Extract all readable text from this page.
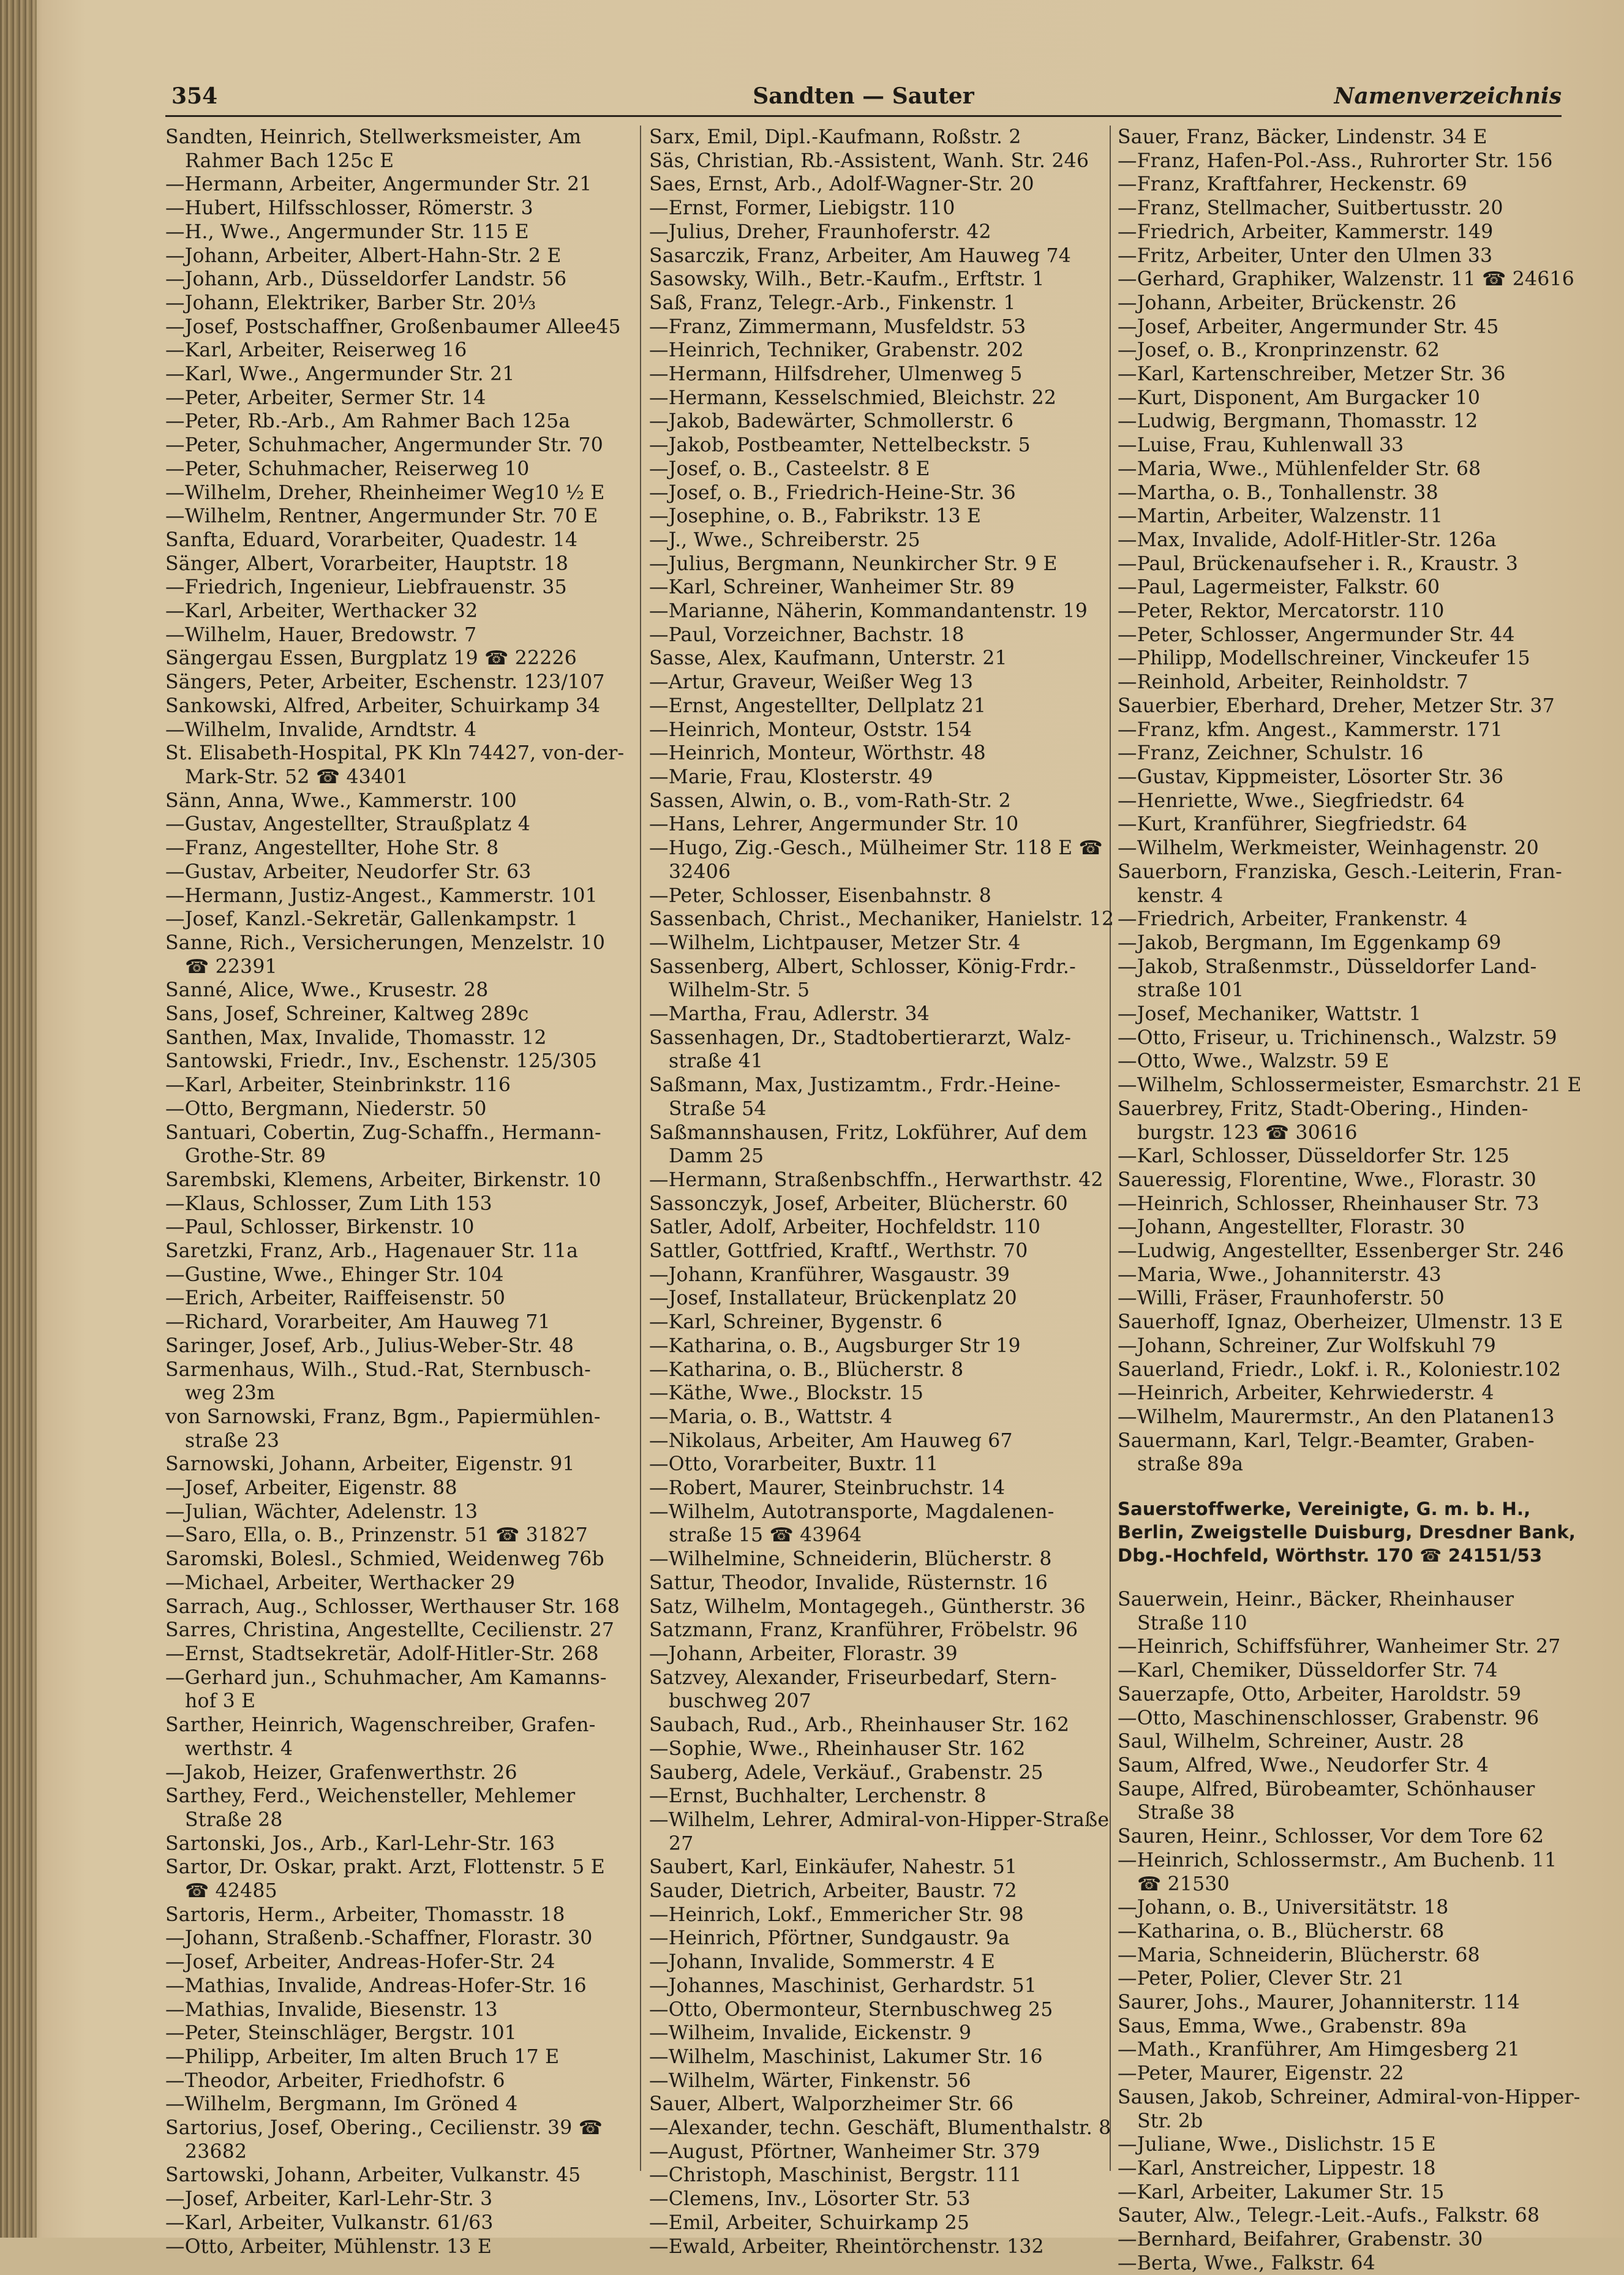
354	Sandten — Sauter	Namenverzeichnis
Sandten, Heinrich, Stellwerksmeister, Am Rahmer Bach 125c E
—Hermann, Arbeiter, Angermunder Str. 21
—Hubert, Hilfsschlosser, Römerstr. 3
—H., Wwe., Angermunder Str. 115 E
—Johann, Arbeiter, Albert-Hahn-Str. 2 E
—Johann, Arb., Düsseldorfer Landstr. 56
—Johann, Elektriker, Barber Str. 20⅓
—Josef, Postschaffner, Großenbaumer Allee45
—Karl, Arbeiter, Reiserweg 16
—Karl, Wwe., Angermunder Str. 21
—Peter, Arbeiter, Sermer Str. 14
—Peter, Rb.-Arb., Am Rahmer Bach 125a
—Peter, Schuhmacher, Angermunder Str. 70
—Peter, Schuhmacher, Reiserweg 10
—Wilhelm, Dreher, Rheinheimer Weg10 ½ E
—Wilhelm, Rentner, Angermunder Str. 70 E
Sanfta, Eduard, Vorarbeiter, Quadestr. 14
Sänger, Albert, Vorarbeiter, Hauptstr. 18
—Friedrich, Ingenieur, Liebfrauenstr. 35
—Karl, Arbeiter, Werthacker 32
—Wilhelm, Hauer, Bredowstr. 7
Sängergau Essen, Burgplatz 19 ☎ 22226
Sängers, Peter, Arbeiter, Eschenstr. 123/107
Sankowski, Alfred, Arbeiter, Schuirkamp 34
—Wilhelm, Invalide, Arndtstr. 4
St. Elisabeth-Hospital, PK Kln 74427, von-der-Mark-Str. 52 ☎ 43401
Sänn, Anna, Wwe., Kammerstr. 100
—Gustav, Angestellter, Straußplatz 4
—Franz, Angestellter, Hohe Str. 8
—Gustav, Arbeiter, Neudorfer Str. 63
—Hermann, Justiz-Angest., Kammerstr. 101
—Josef, Kanzl.-Sekretär, Gallenkampstr. 1
Sanne, Rich., Versicherungen, Menzelstr. 10 ☎ 22391
Sanné, Alice, Wwe., Krusestr. 28
Sans, Josef, Schreiner, Kaltweg 289c
Santhen, Max, Invalide, Thomasstr. 12
Santowski, Friedr., Inv., Eschenstr. 125/305
—Karl, Arbeiter, Steinbrinkstr. 116
—Otto, Bergmann, Niederstr. 50
Santuari, Cobertin, Zug-Schaffn., Hermann-Grothe-Str. 89
Sarembski, Klemens, Arbeiter, Birkenstr. 10
—Klaus, Schlosser, Zum Lith 153
—Paul, Schlosser, Birkenstr. 10
Saretzki, Franz, Arb., Hagenauer Str. 11a
—Gustine, Wwe., Ehinger Str. 104
—Erich, Arbeiter, Raiffeisenstr. 50
—Richard, Vorarbeiter, Am Hauweg 71
Saringer, Josef, Arb., Julius-Weber-Str. 48
Sarmenhaus, Wilh., Stud.-Rat, Sternbusch-weg 23m
von Sarnowski, Franz, Bgm., Papiermühlen-straße 23
Sarnowski, Johann, Arbeiter, Eigenstr. 91
—Josef, Arbeiter, Eigenstr. 88
—Julian, Wächter, Adelenstr. 13
—Saro, Ella, o. B., Prinzenstr. 51 ☎ 31827
Saromski, Bolesl., Schmied, Weidenweg 76b
—Michael, Arbeiter, Werthacker 29
Sarrach, Aug., Schlosser, Werthauser Str. 168
Sarres, Christina, Angestellte, Cecilienstr. 27
—Ernst, Stadtsekretär, Adolf-Hitler-Str. 268
—Gerhard jun., Schuhmacher, Am Kamanns-hof 3 E
Sarther, Heinrich, Wagenschreiber, Grafen-werthstr. 4
—Jakob, Heizer, Grafenwerthstr. 26
Sarthey, Ferd., Weichensteller, Mehlemer Straße 28
Sartonski, Jos., Arb., Karl-Lehr-Str. 163
Sartor, Dr. Oskar, prakt. Arzt, Flottenstr. 5 E ☎ 42485
Sartoris, Herm., Arbeiter, Thomasstr. 18
—Johann, Straßenb.-Schaffner, Florastr. 30
—Josef, Arbeiter, Andreas-Hofer-Str. 24
—Mathias, Invalide, Andreas-Hofer-Str. 16
—Mathias, Invalide, Biesenstr. 13
—Peter, Steinschläger, Bergstr. 101
—Philipp, Arbeiter, Im alten Bruch 17 E
—Theodor, Arbeiter, Friedhofstr. 6
—Wilhelm, Bergmann, Im Gröned 4
Sartorius, Josef, Obering., Cecilienstr. 39 ☎ 23682
Sartowski, Johann, Arbeiter, Vulkanstr. 45
—Josef, Arbeiter, Karl-Lehr-Str. 3
—Karl, Arbeiter, Vulkanstr. 61/63
—Otto, Arbeiter, Mühlenstr. 13 E
Sarx, Emil, Dipl.-Kaufmann, Roßstr. 2
Säs, Christian, Rb.-Assistent, Wanh. Str. 246
Saes, Ernst, Arb., Adolf-Wagner-Str. 20
—Ernst, Former, Liebigstr. 110
—Julius, Dreher, Fraunhoferstr. 42
Sasarczik, Franz, Arbeiter, Am Hauweg 74
Sasowsky, Wilh., Betr.-Kaufm., Erftstr. 1
Saß, Franz, Telegr.-Arb., Finkenstr. 1
—Franz, Zimmermann, Musfeldstr. 53
—Heinrich, Techniker, Grabenstr. 202
—Hermann, Hilfsdreher, Ulmenweg 5
—Hermann, Kesselschmied, Bleichstr. 22
—Jakob, Badewärter, Schmollerstr. 6
—Jakob, Postbeamter, Nettelbeckstr. 5
—Josef, o. B., Casteelstr. 8 E
—Josef, o. B., Friedrich-Heine-Str. 36
—Josephine, o. B., Fabrikstr. 13 E
—J., Wwe., Schreiberstr. 25
—Julius, Bergmann, Neunkircher Str. 9 E
—Karl, Schreiner, Wanheimer Str. 89
—Marianne, Näherin, Kommandantenstr. 19
—Paul, Vorzeichner, Bachstr. 18
Sasse, Alex, Kaufmann, Unterstr. 21
—Artur, Graveur, Weißer Weg 13
—Ernst, Angestellter, Dellplatz 21
—Heinrich, Monteur, Oststr. 154
—Heinrich, Monteur, Wörthstr. 48
—Marie, Frau, Klosterstr. 49
Sassen, Alwin, o. B., vom-Rath-Str. 2
—Hans, Lehrer, Angermunder Str. 10
—Hugo, Zig.-Gesch., Mülheimer Str. 118 E ☎ 32406
—Peter, Schlosser, Eisenbahnstr. 8
Sassenbach, Christ., Mechaniker, Hanielstr. 12
—Wilhelm, Lichtpauser, Metzer Str. 4
Sassenberg, Albert, Schlosser, König-Frdr.-Wilhelm-Str. 5
—Martha, Frau, Adlerstr. 34
Sassenhagen, Dr., Stadtobertierarzt, Walz-straße 41
Saßmann, Max, Justizamtm., Frdr.-Heine-Straße 54
Saßmannshausen, Fritz, Lokführer, Auf dem Damm 25
—Hermann, Straßenbschffn., Herwarthstr. 42
Sassonczyk, Josef, Arbeiter, Blücherstr. 60
Satler, Adolf, Arbeiter, Hochfeldstr. 110
Sattler, Gottfried, Kraftf., Werthstr. 70
—Johann, Kranführer, Wasgaustr. 39
—Josef, Installateur, Brückenplatz 20
—Karl, Schreiner, Bygenstr. 6
—Katharina, o. B., Augsburger Str 19
—Katharina, o. B., Blücherstr. 8
—Käthe, Wwe., Blockstr. 15
—Maria, o. B., Wattstr. 4
—Nikolaus, Arbeiter, Am Hauweg 67
—Otto, Vorarbeiter, Buxtr. 11
—Robert, Maurer, Steinbruchstr. 14
—Wilhelm, Autotransporte, Magdalenen-straße 15 ☎ 43964
—Wilhelmine, Schneiderin, Blücherstr. 8
Sattur, Theodor, Invalide, Rüsternstr. 16
Satz, Wilhelm, Montagegeh., Güntherstr. 36
Satzmann, Franz, Kranführer, Fröbelstr. 96
—Johann, Arbeiter, Florastr. 39
Satzvey, Alexander, Friseurbedarf, Stern-buschweg 207
Saubach, Rud., Arb., Rheinhauser Str. 162
—Sophie, Wwe., Rheinhauser Str. 162
Sauberg, Adele, Verkäuf., Grabenstr. 25
—Ernst, Buchhalter, Lerchenstr. 8
—Wilhelm, Lehrer, Admiral-von-Hipper-Straße 27
Saubert, Karl, Einkäufer, Nahestr. 51
Sauder, Dietrich, Arbeiter, Baustr. 72
—Heinrich, Lokf., Emmericher Str. 98
—Heinrich, Pförtner, Sundgaustr. 9a
—Johann, Invalide, Sommerstr. 4 E
—Johannes, Maschinist, Gerhardstr. 51
—Otto, Obermonteur, Sternbuschweg 25
—Wilheim, Invalide, Eickenstr. 9
—Wilhelm, Maschinist, Lakumer Str. 16
—Wilhelm, Wärter, Finkenstr. 56
Sauer, Albert, Walporzheimer Str. 66
—Alexander, techn. Geschäft, Blumenthalstr. 8
—August, Pförtner, Wanheimer Str. 379
—Christoph, Maschinist, Bergstr. 111
—Clemens, Inv., Lösorter Str. 53
—Emil, Arbeiter, Schuirkamp 25
—Ewald, Arbeiter, Rheintörchenstr. 132
Sauer, Franz, Bäcker, Lindenstr. 34 E
—Franz, Hafen-Pol.-Ass., Ruhrorter Str. 156
—Franz, Kraftfahrer, Heckenstr. 69
—Franz, Stellmacher, Suitbertusstr. 20
—Friedrich, Arbeiter, Kammerstr. 149
—Fritz, Arbeiter, Unter den Ulmen 33
—Gerhard, Graphiker, Walzenstr. 11 ☎ 24616
—Johann, Arbeiter, Brückenstr. 26
—Josef, Arbeiter, Angermunder Str. 45
—Josef, o. B., Kronprinzenstr. 62
—Karl, Kartenschreiber, Metzer Str. 36
—Kurt, Disponent, Am Burgacker 10
—Ludwig, Bergmann, Thomasstr. 12
—Luise, Frau, Kuhlenwall 33
—Maria, Wwe., Mühlenfelder Str. 68
—Martha, o. B., Tonhallenstr. 38
—Martin, Arbeiter, Walzenstr. 11
—Max, Invalide, Adolf-Hitler-Str. 126a
—Paul, Brückenaufseher i. R., Kraustr. 3
—Paul, Lagermeister, Falkstr. 60
—Peter, Rektor, Mercatorstr. 110
—Peter, Schlosser, Angermunder Str. 44
—Philipp, Modellschreiner, Vinckeufer 15
—Reinhold, Arbeiter, Reinholdstr. 7
Sauerbier, Eberhard, Dreher, Metzer Str. 37
—Franz, kfm. Angest., Kammerstr. 171
—Franz, Zeichner, Schulstr. 16
—Gustav, Kippmeister, Lösorter Str. 36
—Henriette, Wwe., Siegfriedstr. 64
—Kurt, Kranführer, Siegfriedstr. 64
—Wilhelm, Werkmeister, Weinhagenstr. 20
Sauerborn, Franziska, Gesch.-Leiterin, Fran-kenstr. 4
—Friedrich, Arbeiter, Frankenstr. 4
—Jakob, Bergmann, Im Eggenkamp 69
—Jakob, Straßenmstr., Düsseldorfer Land-straße 101
—Josef, Mechaniker, Wattstr. 1
—Otto, Friseur, u. Trichinensch., Walzstr. 59
—Otto, Wwe., Walzstr. 59 E
—Wilhelm, Schlossermeister, Esmarchstr. 21 E
Sauerbrey, Fritz, Stadt-Obering., Hinden-burgstr. 123 ☎ 30616
—Karl, Schlosser, Düsseldorfer Str. 125
Saueressig, Florentine, Wwe., Florastr. 30
—Heinrich, Schlosser, Rheinhauser Str. 73
—Johann, Angestellter, Florastr. 30
—Ludwig, Angestellter, Essenberger Str. 246
—Maria, Wwe., Johanniterstr. 43
—Willi, Fräser, Fraunhoferstr. 50
Sauerhoff, Ignaz, Oberheizer, Ulmenstr. 13 E
—Johann, Schreiner, Zur Wolfskuhl 79
Sauerland, Friedr., Lokf. i. R., Koloniestr.102
—Heinrich, Arbeiter, Kehrwiederstr. 4
—Wilhelm, Maurermstr., An den Platanen13
Sauermann, Karl, Telgr.-Beamter, Graben-straße 89a
Sauerstoffwerke, Vereinigte, G. m. b. H., Berlin, Zweigstelle Duisburg, Dresdner Bank, Dbg.-Hochfeld, Wörthstr. 170 ☎ 24151/53
Sauerwein, Heinr., Bäcker, Rheinhauser Straße 110
—Heinrich, Schiffsführer, Wanheimer Str. 27
—Karl, Chemiker, Düsseldorfer Str. 74
Sauerzapfe, Otto, Arbeiter, Haroldstr. 59
—Otto, Maschinenschlosser, Grabenstr. 96
Saul, Wilhelm, Schreiner, Austr. 28
Saum, Alfred, Wwe., Neudorfer Str. 4
Saupe, Alfred, Bürobeamter, Schönhauser Straße 38
Sauren, Heinr., Schlosser, Vor dem Tore 62
—Heinrich, Schlossermstr., Am Buchenb. 11 ☎ 21530
—Johann, o. B., Universitätstr. 18
—Katharina, o. B., Blücherstr. 68
—Maria, Schneiderin, Blücherstr. 68
—Peter, Polier, Clever Str. 21
Saurer, Johs., Maurer, Johanniterstr. 114
Saus, Emma, Wwe., Grabenstr. 89a
—Math., Kranführer, Am Himgesberg 21
—Peter, Maurer, Eigenstr. 22
Sausen, Jakob, Schreiner, Admiral-von-Hipper-Str. 2b
—Juliane, Wwe., Dislichstr. 15 E
—Karl, Anstreicher, Lippestr. 18
—Karl, Arbeiter, Lakumer Str. 15
Sauter, Alw., Telegr.-Leit.-Aufs., Falkstr. 68
—Bernhard, Beifahrer, Grabenstr. 30
—Berta, Wwe., Falkstr. 64
